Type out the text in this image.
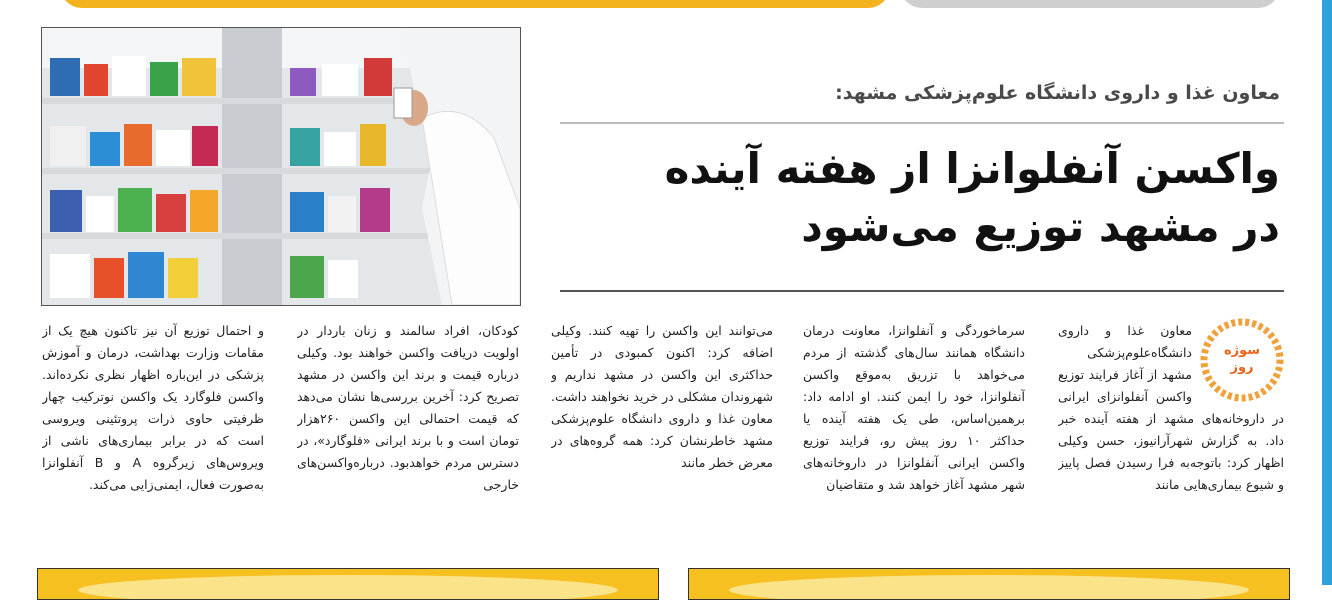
معاون غذا و داروی دانشگاه علوم‌پزشکی مشهد:
واکسن آنفلوانزا از هفته آینده
در مشهد توزیع می‌شود
سوژه
روز

معاون غذا و داروی دانشگاه‌علوم‌پزشکی مشهد از آغاز فرایند توزیع واکسن آنفلوانزای ایرانی در داروخانه‌های مشهد از هفته آینده خبر داد. به گزارش شهرآرانیوز، حسن وکیلی اظهار کرد: باتوجه‌به فرا رسیدن فصل پاییز و شیوع بیماری‌هایی مانند

سرماخوردگی و آنفلوانزا، معاونت درمان دانشگاه همانند سال‌های گذشته از مردم می‌خواهد با تزریق به‌موقع واکسن آنفلوانزا، خود را ایمن کنند. او ادامه داد: برهمین‌اساس، طی یک هفته آینده یا حداکثر ۱۰ روز پیش رو، فرایند توزیع واکسن ایرانی آنفلوانزا در داروخانه‌های شهر مشهد آغاز خواهد شد و متقاضیان

می‌توانند این واکسن را تهیه کنند. وکیلی اضافه کرد: اکنون کمبودی در تأمین حداکثری این واکسن در مشهد نداریم و شهروندان مشکلی در خرید نخواهند داشت. معاون غذا و داروی دانشگاه علوم‌پزشکی مشهد خاطرنشان کرد: همه گروه‌های در معرض خطر مانند

کودکان، افراد سالمند و زنان باردار در اولویت دریافت واکسن خواهند بود. وکیلی درباره قیمت و برند این واکسن در مشهد تصریح کرد: آخرین بررسی‌ها نشان می‌دهد که قیمت احتمالی این واکسن ۲۶۰هزار تومان است و با برند ایرانی «فلوگارد»، در دسترس مردم خواهدبود. درباره‌واکسن‌های خارجی

و احتمال توزیع آن نیز تاکنون هیچ یک از مقامات وزارت بهداشت، درمان و آموزش پزشکی در این‌باره اظهار نظری نکرده‌اند. واکسن فلوگارد یک واکسن نوترکیب چهار ظرفیتی حاوی ذرات پروتئینی ویروسی است که در برابر بیماری‌های ناشی از ویروس‌های زیرگروه A و B آنفلوانزا به‌صورت فعال، ایمنی‌زایی می‌کند.
